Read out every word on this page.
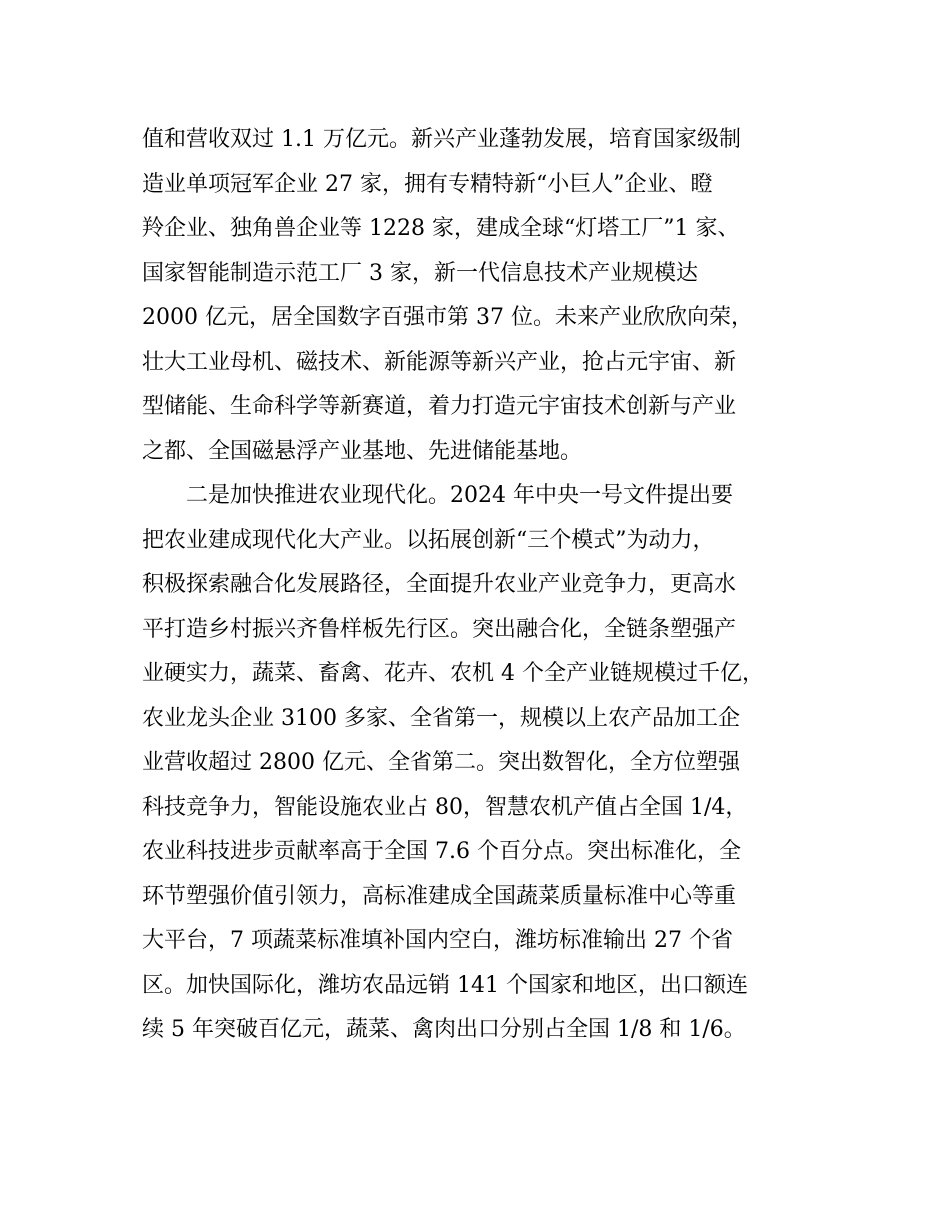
值和营收双过 1.1 万亿元。新兴产业蓬勃发展，培育国家级制
造业单项冠军企业 27 家，拥有专精特新“小巨人”企业、瞪
羚企业、独角兽企业等 1228 家，建成全球“灯塔工厂”1 家、
国家智能制造示范工厂 3 家，新一代信息技术产业规模达
2000 亿元，居全国数字百强市第 37 位。未来产业欣欣向荣，
壮大工业母机、磁技术、新能源等新兴产业，抢占元宇宙、新
型储能、生命科学等新赛道，着力打造元宇宙技术创新与产业
之都、全国磁悬浮产业基地、先进储能基地。
二是加快推进农业现代化。2024 年中央一号文件提出要
把农业建成现代化大产业。以拓展创新“三个模式”为动力，
积极探索融合化发展路径，全面提升农业产业竞争力，更高水
平打造乡村振兴齐鲁样板先行区。突出融合化，全链条塑强产
业硬实力，蔬菜、畜禽、花卉、农机 4 个全产业链规模过千亿，
农业龙头企业 3100 多家、全省第一，规模以上农产品加工企
业营收超过 2800 亿元、全省第二。突出数智化，全方位塑强
科技竞争力，智能设施农业占 80，智慧农机产值占全国 1/4，
农业科技进步贡献率高于全国 7.6 个百分点。突出标准化，全
环节塑强价值引领力，高标准建成全国蔬菜质量标准中心等重
大平台，7 项蔬菜标准填补国内空白，潍坊标准输出 27 个省
区。加快国际化，潍坊农品远销 141 个国家和地区，出口额连
续 5 年突破百亿元，蔬菜、禽肉出口分别占全国 1/8 和 1/6。
